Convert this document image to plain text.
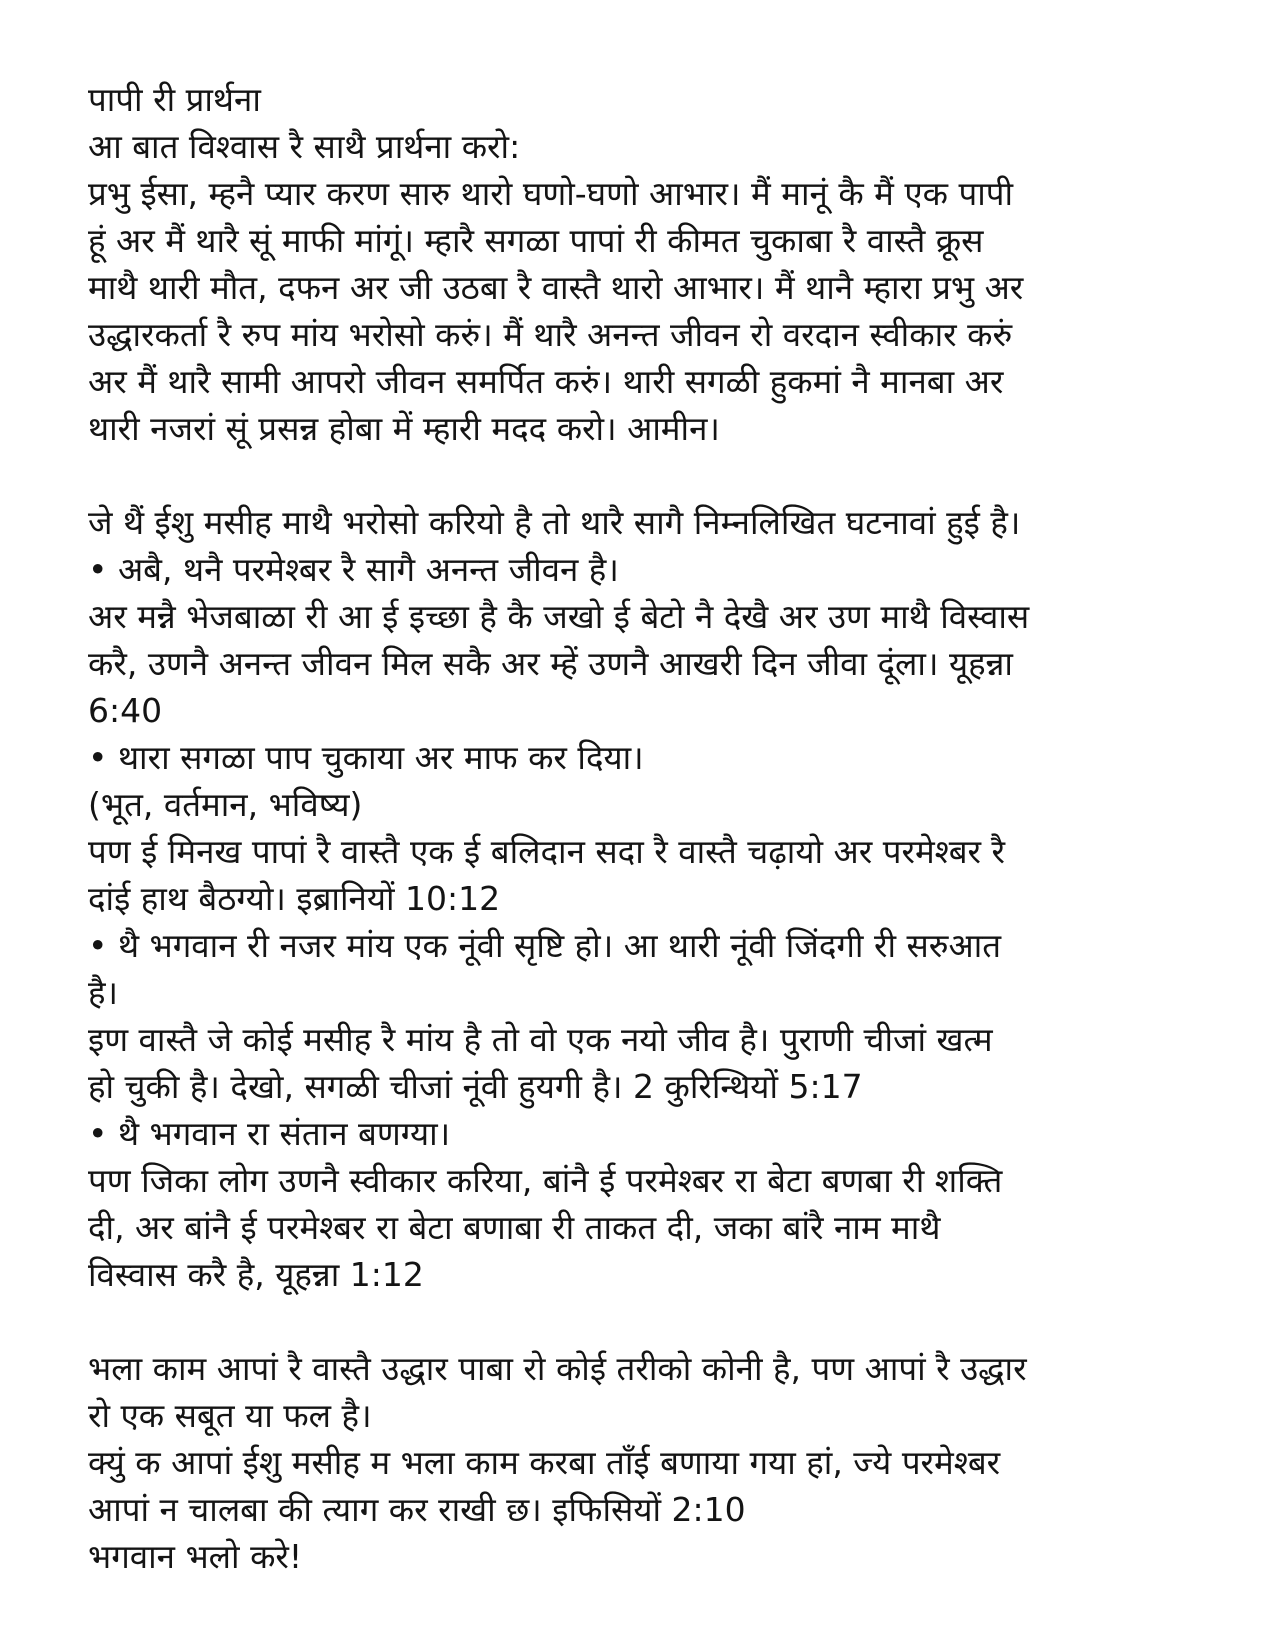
पापी री प्रार्थना
आ बात विश्वास रै साथै प्रार्थना करो:
प्रभु ईसा, म्हनै प्यार करण सारु थारो घणो-घणो आभार। मैं मानूं कै मैं एक पापी
हूं अर मैं थारै सूं माफी मांगूं। म्हारै सगळा पापां री कीमत चुकाबा रै वास्तै क्रूस
माथै थारी मौत, दफन अर जी उठबा रै वास्तै थारो आभार। मैं थानै म्हारा प्रभु अर
उद्धारकर्ता रै रुप मांय भरोसो करुं। मैं थारै अनन्त जीवन रो वरदान स्वीकार करुं
अर मैं थारै सामी आपरो जीवन समर्पित करुं। थारी सगळी हुकमां नै मानबा अर
थारी नजरां सूं प्रसन्न होबा में म्हारी मदद करो। आमीन।
जे थैं ईशु मसीह माथै भरोसो करियो है तो थारै सागै निम्नलिखित घटनावां हुई है।
• अबै, थनै परमेश्‍बर रै सागै अनन्त जीवन है।
अर मन्नै भेजबाळा री आ ई इच्छा है कै जखो ई बेटो नै देखै अर उण माथै विस्वास
करै, उणनै अनन्त जीवन मिल सकै अर म्हें उणनै आखरी दिन जीवा दूंला। यूहन्ना
6:40
• थारा सगळा पाप चुकाया अर माफ कर दिया।
(भूत, वर्तमान, भविष्य)
पण ई मिनख पापां रै वास्तै एक ई बलिदान सदा रै वास्तै चढ़ायो अर परमेश्‍बर रै
दांई हाथ बैठग्यो। इब्रानियों 10:12
• थै भगवान री नजर मांय एक नूंवी सृष्टि हो। आ थारी नूंवी जिंदगी री सरुआत
है।
इण वास्तै जे कोई मसीह रै मांय है तो वो एक नयो जीव है। पुराणी चीजां खत्म
हो चुकी है। देखो, सगळी चीजां नूंवी हुयगी है। 2 कुरिन्थियों 5:17
• थै भगवान रा संतान बणग्या।
पण जिका लोग उणनै स्वीकार करिया, बांनै ई परमेश्‍बर रा बेटा बणबा री शक्ति
दी, अर बांनै ई परमेश्‍बर रा बेटा बणाबा री ताकत दी, जका बांरै नाम माथै
विस्वास करै है, यूहन्ना 1:12
भला काम आपां रै वास्तै उद्धार पाबा रो कोई तरीको कोनी है, पण आपां रै उद्धार
रो एक सबूत या फल है।
क्युं क आपां ईशु मसीह म भला काम करबा ताँई बणाया गया हां, ज्ये परमेश्‍बर
आपां न चालबा की त्याग कर राखी छ। इफिसियों 2:10
भगवान भलो करे!
